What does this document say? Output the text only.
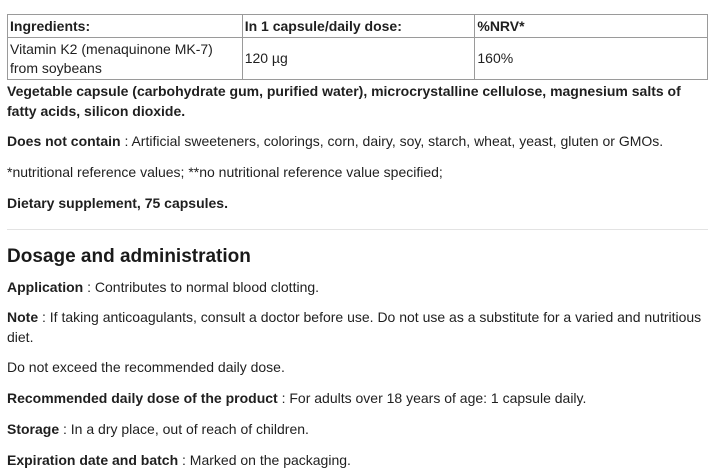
Ingredients:	In 1 capsule/daily dose:	%NRV*
Vitamin K2 (menaquinone MK-7)
from soybeans	120 µg	160%

Vegetable capsule (carbohydrate gum, purified water), microcrystalline cellulose, magnesium salts of fatty acids, silicon dioxide.

Does not contain : Artificial sweeteners, colorings, corn, dairy, soy, starch, wheat, yeast, gluten or GMOs.

*nutritional reference values; **no nutritional reference value specified;

Dietary supplement, 75 capsules.

Dosage and administration

Application : Contributes to normal blood clotting.

Note : If taking anticoagulants, consult a doctor before use. Do not use as a substitute for a varied and nutritious diet.

Do not exceed the recommended daily dose.

Recommended daily dose of the product : For adults over 18 years of age: 1 capsule daily.

Storage : In a dry place, out of reach of children.

Expiration date and batch : Marked on the packaging.
